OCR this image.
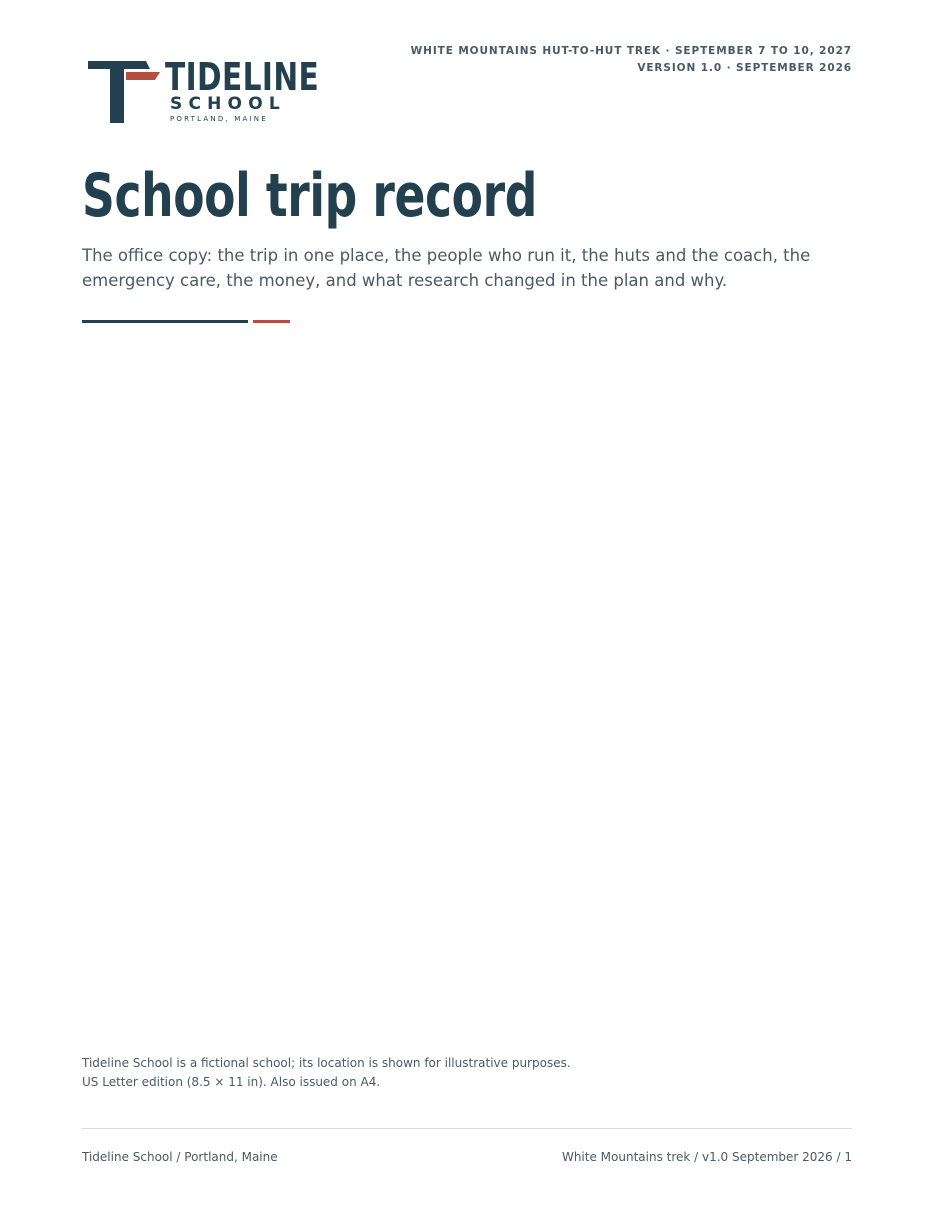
WHITE MOUNTAINS HUT-TO-HUT TREK · SEPTEMBER 7 TO 10, 2027
VERSION 1.0 · SEPTEMBER 2026
TIDELINE
SCHOOL
PORTLAND, MAINE
School trip record

The office copy: the trip in one place, the people who run it, the huts and the coach, the emergency care, the money, and what research changed in the plan and why.

Tideline School is a fictional school; its location is shown for illustrative purposes.
US Letter edition (8.5 × 11 in). Also issued on A4.
Tideline School / Portland, Maine	White Mountains trek / v1.0 September 2026 / 1
